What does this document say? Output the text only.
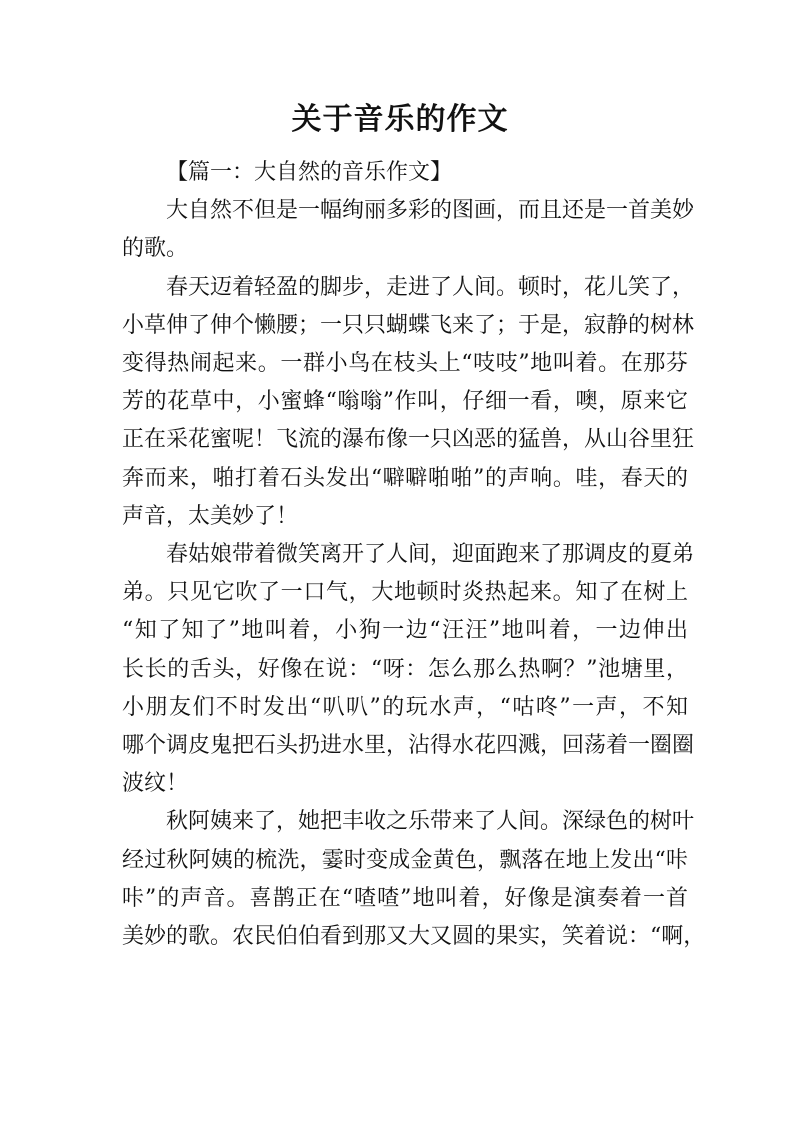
关于音乐的作文
【篇一：大自然的音乐作文】
大自然不但是一幅绚丽多彩的图画，而且还是一首美妙
的歌。
春天迈着轻盈的脚步，走进了人间。顿时，花儿笑了，
小草伸了伸个懒腰；一只只蝴蝶飞来了；于是，寂静的树林
变得热闹起来。一群小鸟在枝头上“吱吱”地叫着。在那芬
芳的花草中，小蜜蜂“嗡嗡”作叫，仔细一看，噢，原来它
正在采花蜜呢！飞流的瀑布像一只凶恶的猛兽，从山谷里狂
奔而来，啪打着石头发出“噼噼啪啪”的声响。哇，春天的
声音，太美妙了！
春姑娘带着微笑离开了人间，迎面跑来了那调皮的夏弟
弟。只见它吹了一口气，大地顿时炎热起来。知了在树上
“知了知了”地叫着，小狗一边“汪汪”地叫着，一边伸出
长长的舌头，好像在说：“呀：怎么那么热啊？”池塘里，
小朋友们不时发出“叭叭”的玩水声，“咕咚”一声，不知
哪个调皮鬼把石头扔进水里，沾得水花四溅，回荡着一圈圈
波纹！
秋阿姨来了，她把丰收之乐带来了人间。深绿色的树叶
经过秋阿姨的梳洗，霎时变成金黄色，飘落在地上发出“咔
咔”的声音。喜鹊正在“喳喳”地叫着，好像是演奏着一首
美妙的歌。农民伯伯看到那又大又圆的果实，笑着说：“啊，
